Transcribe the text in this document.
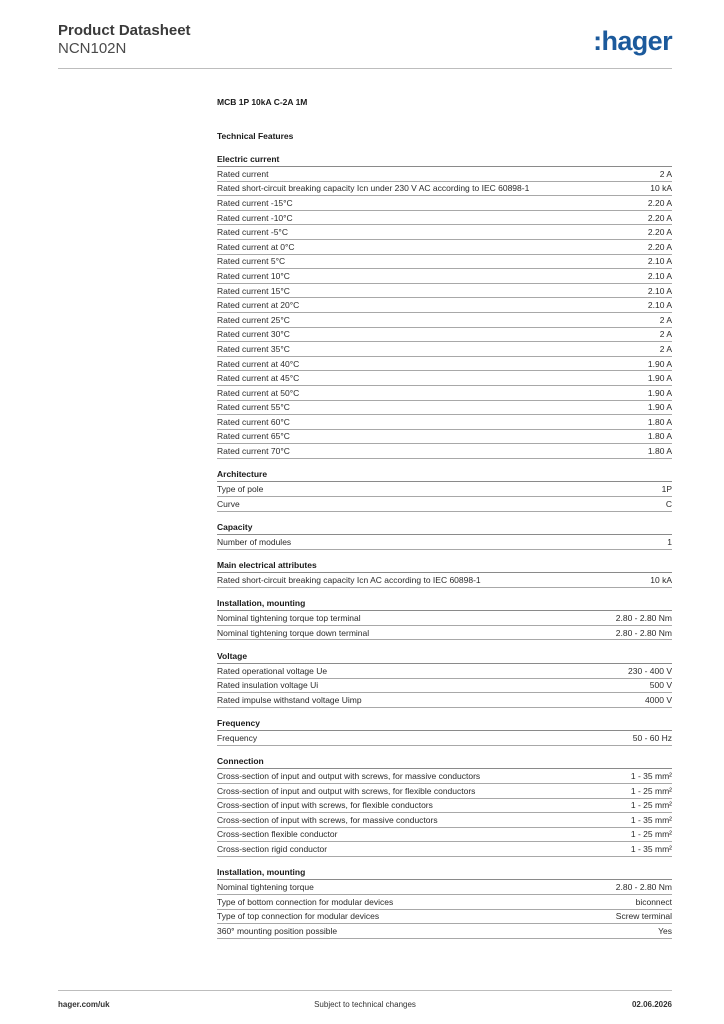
Product Datasheet
NCN102N	:hager
MCB 1P 10kA C-2A 1M
Technical Features
Electric current
Rated current	2 A
Rated short-circuit breaking capacity Icn under 230 V AC according to IEC 60898-1	10 kA
Rated current -15°C	2.20 A
Rated current -10°C	2.20 A
Rated current -5°C	2.20 A
Rated current at 0°C	2.20 A
Rated current 5°C	2.10 A
Rated current 10°C	2.10 A
Rated current 15°C	2.10 A
Rated current at 20°C	2.10 A
Rated current 25°C	2 A
Rated current 30°C	2 A
Rated current 35°C	2 A
Rated current at 40°C	1.90 A
Rated current at 45°C	1.90 A
Rated current at 50°C	1.90 A
Rated current 55°C	1.90 A
Rated current 60°C	1.80 A
Rated current 65°C	1.80 A
Rated current 70°C	1.80 A
Architecture
Type of pole	1P
Curve	C
Capacity
Number of modules	1
Main electrical attributes
Rated short-circuit breaking capacity Icn AC according to IEC 60898-1	10 kA
Installation, mounting
Nominal tightening torque top terminal	2.80 - 2.80 Nm
Nominal tightening torque down terminal	2.80 - 2.80 Nm
Voltage
Rated operational voltage Ue	230 - 400 V
Rated insulation voltage Ui	500 V
Rated impulse withstand voltage Uimp	4000 V
Frequency
Frequency	50 - 60 Hz
Connection
Cross-section of input and output with screws, for massive conductors	1 - 35 mm²
Cross-section of input and output with screws, for flexible conductors	1 - 25 mm²
Cross-section of input with screws, for flexible conductors	1 - 25 mm²
Cross-section of input with screws, for massive conductors	1 - 35 mm²
Cross-section flexible conductor	1 - 25 mm²
Cross-section rigid conductor	1 - 35 mm²
Installation, mounting
Nominal tightening torque	2.80 - 2.80 Nm
Type of bottom connection for modular devices	biconnect
Type of top connection for modular devices	Screw terminal
360° mounting position possible	Yes
hager.com/uk	Subject to technical changes	02.06.2026
